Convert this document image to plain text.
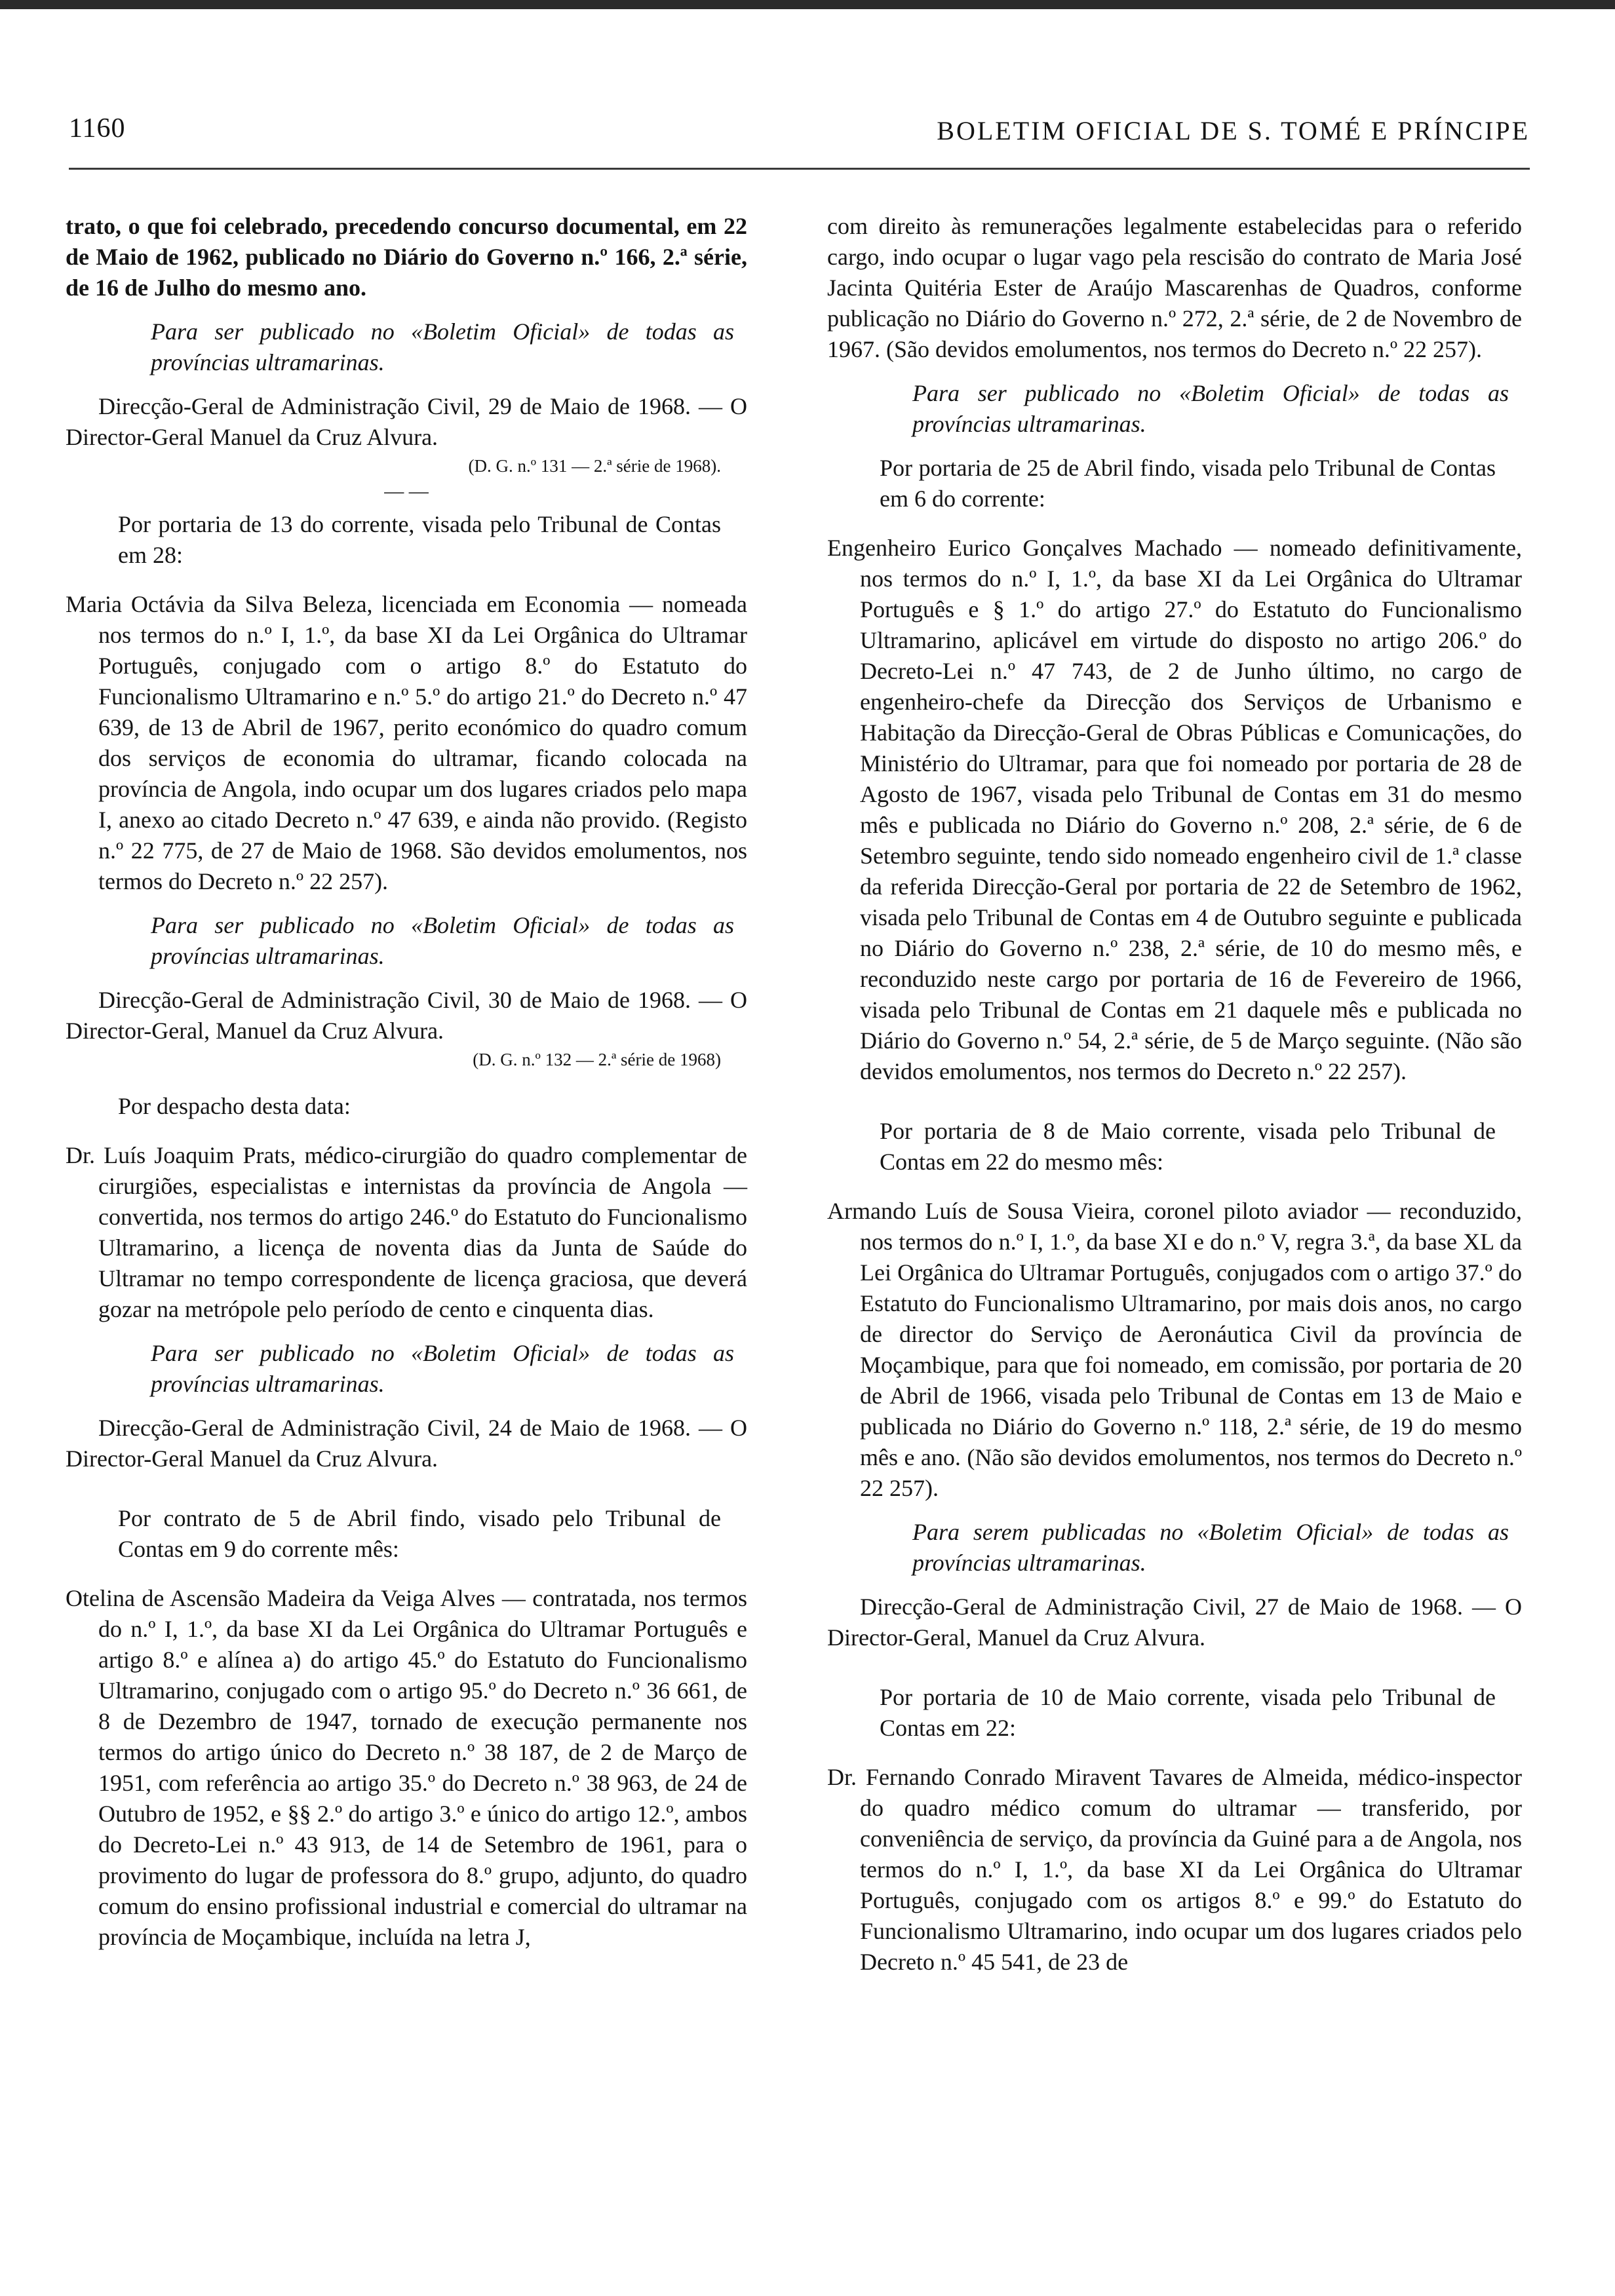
1160	BOLETIM OFICIAL DE S. TOMÉ E PRÍNCIPE

trato, o que foi celebrado, precedendo concurso documental, em 22 de Maio de 1962, publicado no Diário do Governo n.º 166, 2.ª série, de 16 de Julho do mesmo ano.

Para ser publicado no «Boletim Oficial» de todas as províncias ultramarinas.

Direcção-Geral de Administração Civil, 29 de Maio de 1968. — O Director-Geral Manuel da Cruz Alvura.

(D. G. n.º 131 — 2.ª série de 1968).

— —

Por portaria de 13 do corrente, visada pelo Tribunal de Contas em 28:

Maria Octávia da Silva Beleza, licenciada em Economia — nomeada nos termos do n.º I, 1.º, da base XI da Lei Orgânica do Ultramar Português, conjugado com o artigo 8.º do Estatuto do Funcionalismo Ultramarino e n.º 5.º do artigo 21.º do Decreto n.º 47 639, de 13 de Abril de 1967, perito económico do quadro comum dos serviços de economia do ultramar, ficando colocada na província de Angola, indo ocupar um dos lugares criados pelo mapa I, anexo ao citado Decreto n.º 47 639, e ainda não provido. (Registo n.º 22 775, de 27 de Maio de 1968. São devidos emolumentos, nos termos do Decreto n.º 22 257).

Para ser publicado no «Boletim Oficial» de todas as províncias ultramarinas.

Direcção-Geral de Administração Civil, 30 de Maio de 1968. — O Director-Geral, Manuel da Cruz Alvura.

(D. G. n.º 132 — 2.ª série de 1968)

Por despacho desta data:

Dr. Luís Joaquim Prats, médico-cirurgião do quadro complementar de cirurgiões, especialistas e internistas da província de Angola — convertida, nos termos do artigo 246.º do Estatuto do Funcionalismo Ultramarino, a licença de noventa dias da Junta de Saúde do Ultramar no tempo correspondente de licença graciosa, que deverá gozar na metrópole pelo período de cento e cinquenta dias.

Para ser publicado no «Boletim Oficial» de todas as províncias ultramarinas.

Direcção-Geral de Administração Civil, 24 de Maio de 1968. — O Director-Geral Manuel da Cruz Alvura.

Por contrato de 5 de Abril findo, visado pelo Tribunal de Contas em 9 do corrente mês:

Otelina de Ascensão Madeira da Veiga Alves — contratada, nos termos do n.º I, 1.º, da base XI da Lei Orgânica do Ultramar Português e artigo 8.º e alínea a) do artigo 45.º do Estatuto do Funcionalismo Ultramarino, conjugado com o artigo 95.º do Decreto n.º 36 661, de 8 de Dezembro de 1947, tornado de execução permanente nos termos do artigo único do Decreto n.º 38 187, de 2 de Março de 1951, com referência ao artigo 35.º do Decreto n.º 38 963, de 24 de Outubro de 1952, e §§ 2.º do artigo 3.º e único do artigo 12.º, ambos do Decreto-Lei n.º 43 913, de 14 de Setembro de 1961, para o provimento do lugar de professora do 8.º grupo, adjunto, do quadro comum do ensino profissional industrial e comercial do ultramar na província de Moçambique, incluída na letra J,

com direito às remunerações legalmente estabelecidas para o referido cargo, indo ocupar o lugar vago pela rescisão do contrato de Maria José Jacinta Quitéria Ester de Araújo Mascarenhas de Quadros, conforme publicação no Diário do Governo n.º 272, 2.ª série, de 2 de Novembro de 1967. (São devidos emolumentos, nos termos do Decreto n.º 22 257).

Para ser publicado no «Boletim Oficial» de todas as províncias ultramarinas.

Por portaria de 25 de Abril findo, visada pelo Tribunal de Contas em 6 do corrente:

Engenheiro Eurico Gonçalves Machado — nomeado definitivamente, nos termos do n.º I, 1.º, da base XI da Lei Orgânica do Ultramar Português e § 1.º do artigo 27.º do Estatuto do Funcionalismo Ultramarino, aplicável em virtude do disposto no artigo 206.º do Decreto-Lei n.º 47 743, de 2 de Junho último, no cargo de engenheiro-chefe da Direcção dos Serviços de Urbanismo e Habitação da Direcção-Geral de Obras Públicas e Comunicações, do Ministério do Ultramar, para que foi nomeado por portaria de 28 de Agosto de 1967, visada pelo Tribunal de Contas em 31 do mesmo mês e publicada no Diário do Governo n.º 208, 2.ª série, de 6 de Setembro seguinte, tendo sido nomeado engenheiro civil de 1.ª classe da referida Direcção-Geral por portaria de 22 de Setembro de 1962, visada pelo Tribunal de Contas em 4 de Outubro seguinte e publicada no Diário do Governo n.º 238, 2.ª série, de 10 do mesmo mês, e reconduzido neste cargo por portaria de 16 de Fevereiro de 1966, visada pelo Tribunal de Contas em 21 daquele mês e publicada no Diário do Governo n.º 54, 2.ª série, de 5 de Março seguinte. (Não são devidos emolumentos, nos termos do Decreto n.º 22 257).

Por portaria de 8 de Maio corrente, visada pelo Tribunal de Contas em 22 do mesmo mês:

Armando Luís de Sousa Vieira, coronel piloto aviador — reconduzido, nos termos do n.º I, 1.º, da base XI e do n.º V, regra 3.ª, da base XL da Lei Orgânica do Ultramar Português, conjugados com o artigo 37.º do Estatuto do Funcionalismo Ultramarino, por mais dois anos, no cargo de director do Serviço de Aeronáutica Civil da província de Moçambique, para que foi nomeado, em comissão, por portaria de 20 de Abril de 1966, visada pelo Tribunal de Contas em 13 de Maio e publicada no Diário do Governo n.º 118, 2.ª série, de 19 do mesmo mês e ano. (Não são devidos emolumentos, nos termos do Decreto n.º 22 257).

Para serem publicadas no «Boletim Oficial» de todas as províncias ultramarinas.

Direcção-Geral de Administração Civil, 27 de Maio de 1968. — O Director-Geral, Manuel da Cruz Alvura.

Por portaria de 10 de Maio corrente, visada pelo Tribunal de Contas em 22:

Dr. Fernando Conrado Miravent Tavares de Almeida, médico-inspector do quadro médico comum do ultramar — transferido, por conveniência de serviço, da província da Guiné para a de Angola, nos termos do n.º I, 1.º, da base XI da Lei Orgânica do Ultramar Português, conjugado com os artigos 8.º e 99.º do Estatuto do Funcionalismo Ultramarino, indo ocupar um dos lugares criados pelo Decreto n.º 45 541, de 23 de
